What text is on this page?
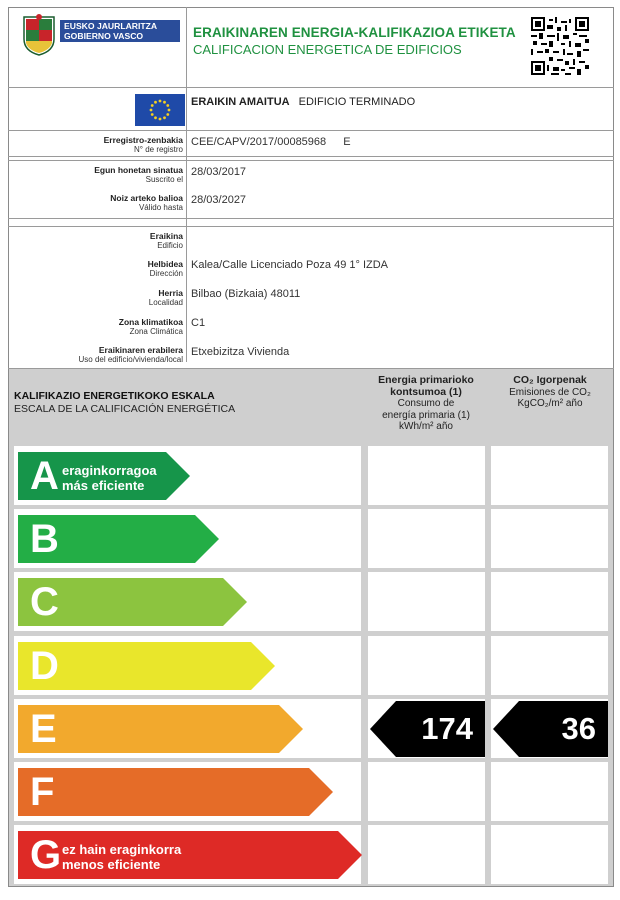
EUSKO JAURLARITZA
GOBIERNO VASCO	ERAIKINAREN ENERGIA-KALIFIKAZIOA ETIKETA
CALIFICACION ENERGETICA DE EDIFICIOS
ERAIKIN AMAITUA EDIFICIO TERMINADO
Erregistro-zenbakia
N° de registro
CEE/CAPV/2017/00085968 E
Egun honetan sinatua
Suscrito el
28/03/2017
Noiz arteko balioa
Válido hasta
28/03/2027
Eraikina
Edificio
Helbidea
Dirección
Kalea/Calle Licenciado Poza 49 1° IZDA
Herria
Localidad
Bilbao (Bizkaia) 48011
Zona klimatikoa
Zona Climática
C1
Eraikinaren erabilera
Uso del edificio/vivienda/local
Etxebizitza Vivienda
KALIFIKAZIO ENERGETIKOKO ESKALA
ESCALA DE LA CALIFICACIÓN ENERGÉTICA
Energia primarioko
kontsumoa (1)
Consumo de
energía primaria (1)
kWh/m² año
CO₂ Igorpenak
Emisiones de CO₂
KgCO₂/m² año
A eraginkorragoa
más eficiente
B
C
D
E	174	36
F
G ez hain eraginkorra
menos eficiente
